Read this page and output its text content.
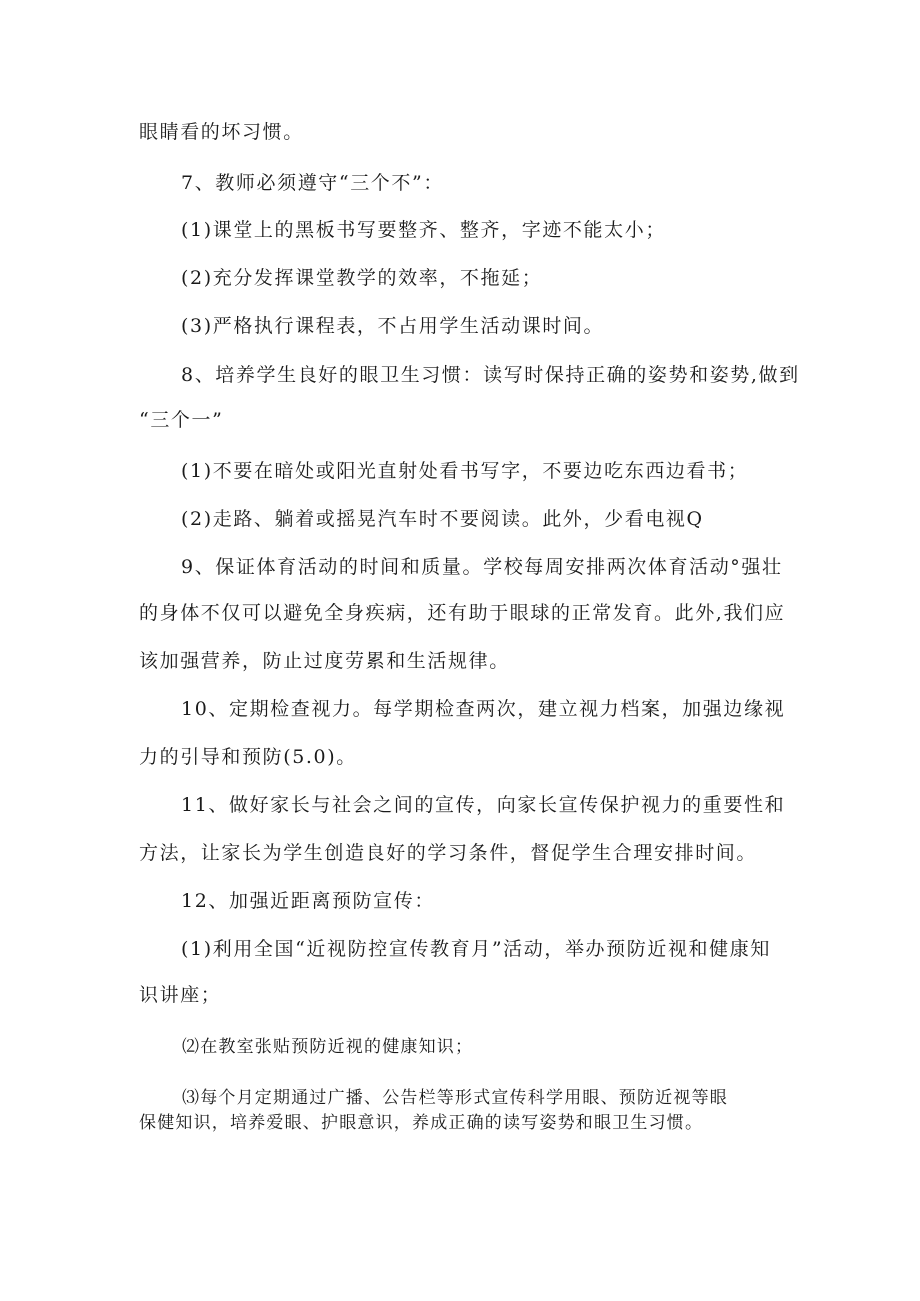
眼睛看的坏习惯。
7、教师必须遵守“三个不”：
(1)课堂上的黑板书写要整齐、整齐，字迹不能太小；
(2)充分发挥课堂教学的效率，不拖延；
(3)严格执行课程表，不占用学生活动课时间。
8、培养学生良好的眼卫生习惯：读写时保持正确的姿势和姿势,做到
“三个一”
(1)不要在暗处或阳光直射处看书写字，不要边吃东西边看书；
(2)走路、躺着或摇晃汽车时不要阅读。此外，少看电视Q
9、保证体育活动的时间和质量。学校每周安排两次体育活动°强壮
的身体不仅可以避免全身疾病，还有助于眼球的正常发育。此外,我们应
该加强营养，防止过度劳累和生活规律。
10、定期检查视力。每学期检查两次，建立视力档案，加强边缘视
力的引导和预防(5.0)。
11、做好家长与社会之间的宣传，向家长宣传保护视力的重要性和
方法，让家长为学生创造良好的学习条件，督促学生合理安排时间。
12、加强近距离预防宣传：
(1)利用全国“近视防控宣传教育月”活动，举办预防近视和健康知
识讲座；
⑵在教室张贴预防近视的健康知识；
⑶每个月定期通过广播、公告栏等形式宣传科学用眼、预防近视等眼
保健知识，培养爱眼、护眼意识，养成正确的读写姿势和眼卫生习惯。
